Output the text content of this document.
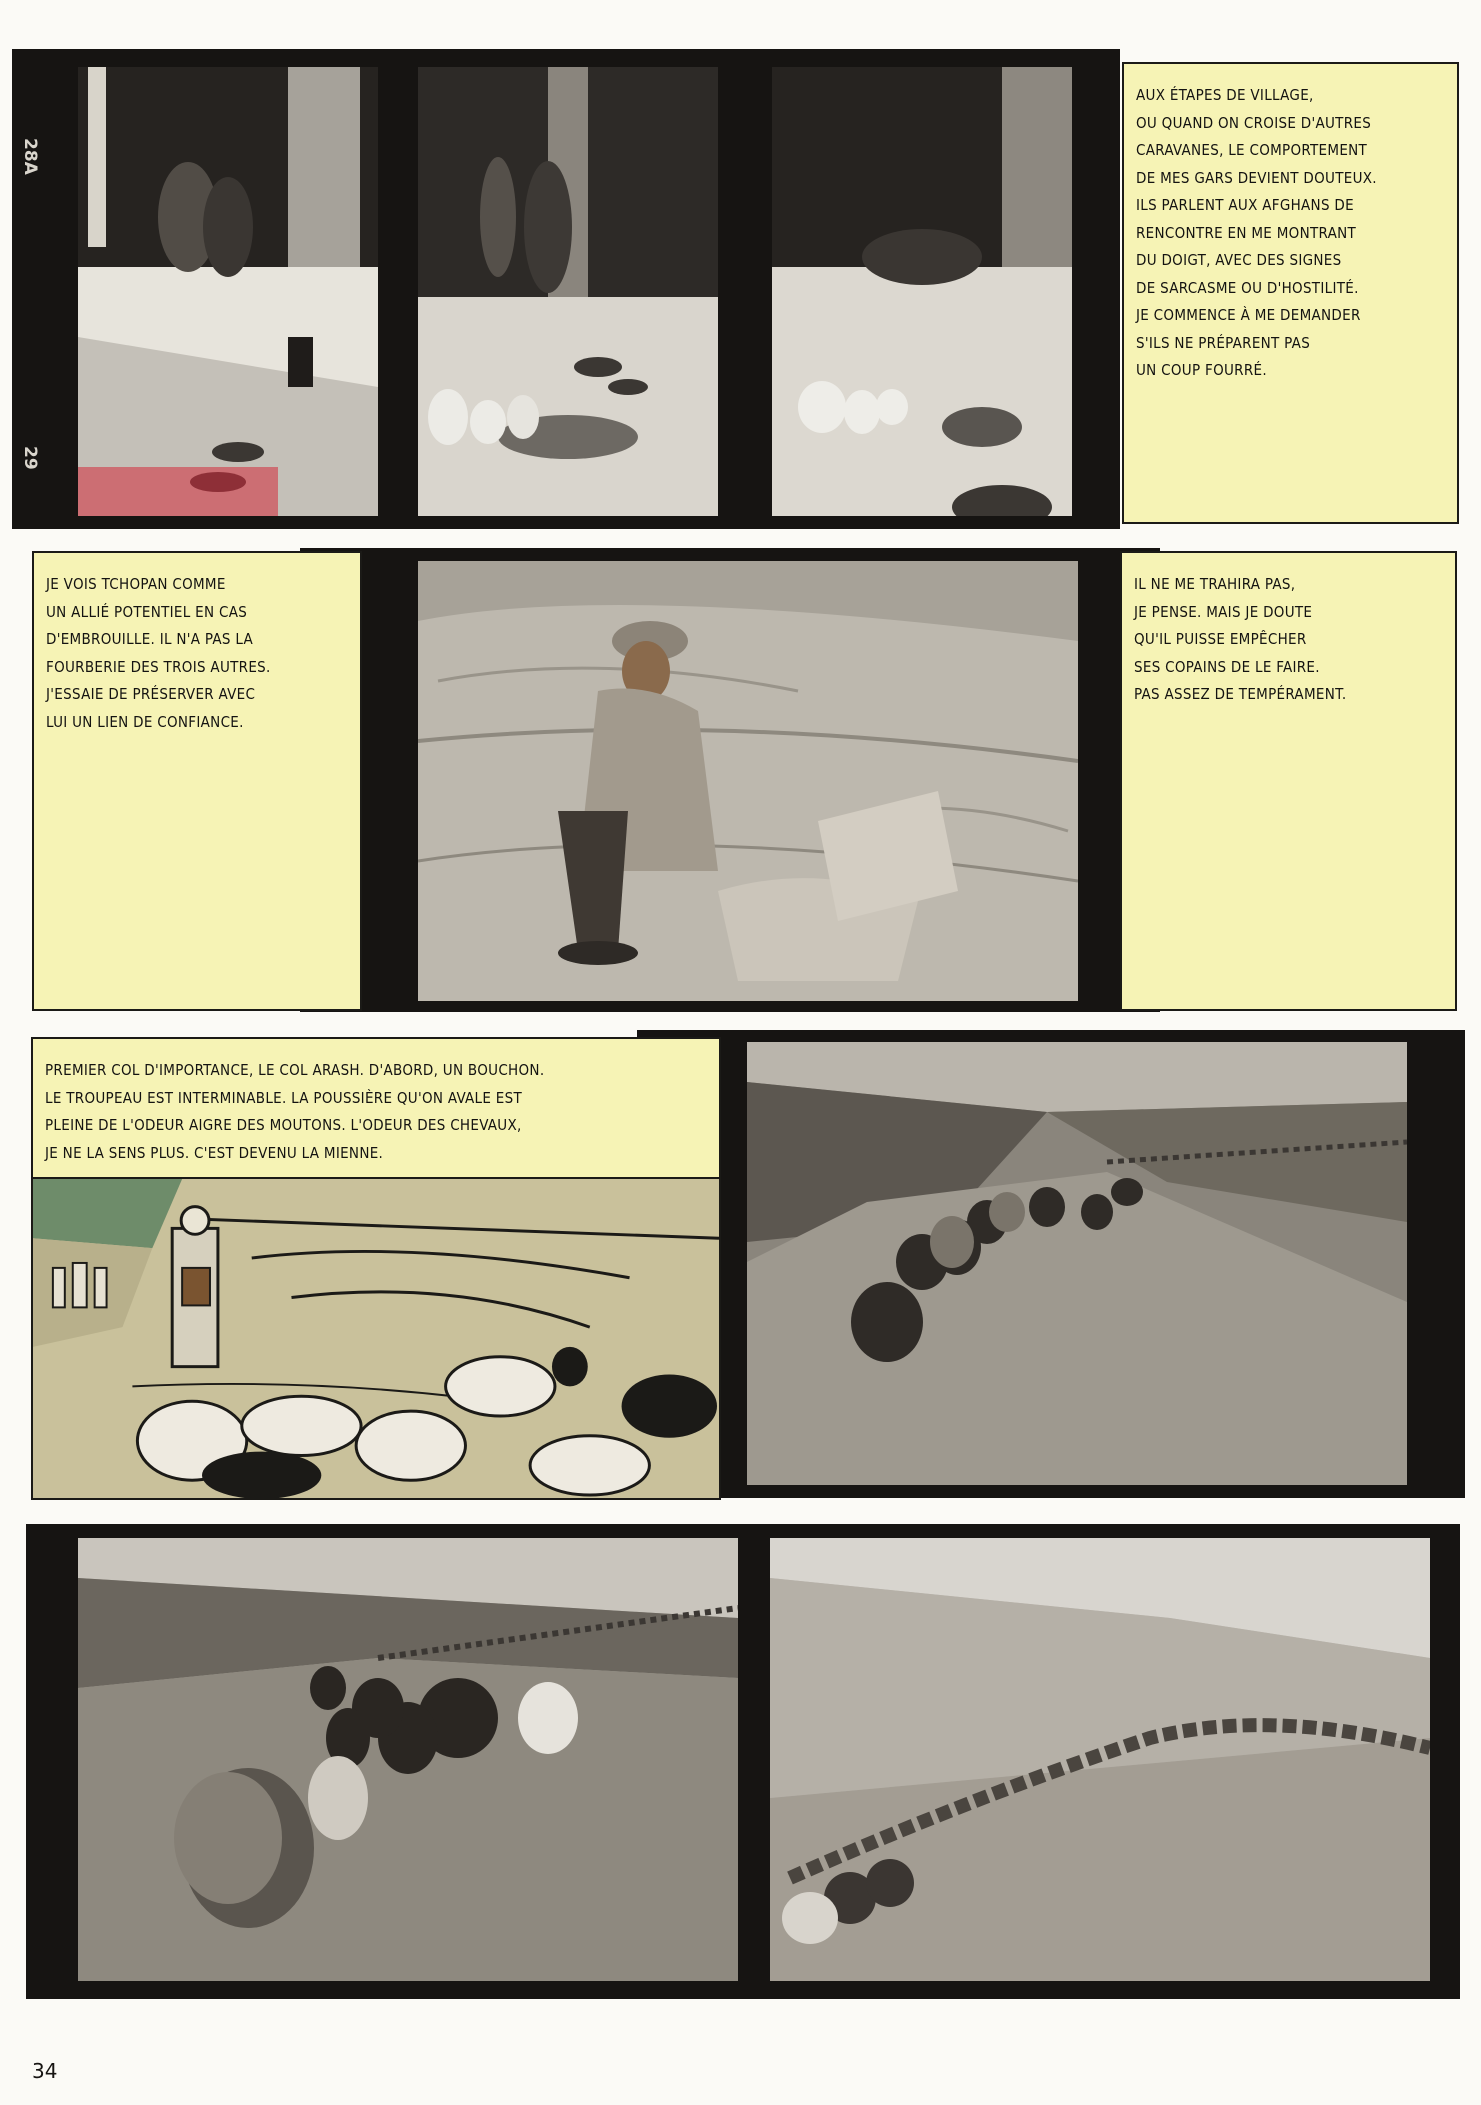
28A
29
AUX ÉTAPES DE VILLAGE,
OU QUAND ON CROISE D'AUTRES
CARAVANES, LE COMPORTEMENT
DE MES GARS DEVIENT DOUTEUX.
ILS PARLENT AUX AFGHANS DE
RENCONTRE EN ME MONTRANT
DU DOIGT, AVEC DES SIGNES
DE SARCASME OU D'HOSTILITÉ.
JE COMMENCE À ME DEMANDER
S'ILS NE PRÉPARENT PAS
UN COUP FOURRÉ.
JE VOIS TCHOPAN COMME
UN ALLIÉ POTENTIEL EN CAS
D'EMBROUILLE. IL N'A PAS LA
FOURBERIE DES TROIS AUTRES.
J'ESSAIE DE PRÉSERVER AVEC
LUI UN LIEN DE CONFIANCE.
IL NE ME TRAHIRA PAS,
JE PENSE. MAIS JE DOUTE
QU'IL PUISSE EMPÊCHER
SES COPAINS DE LE FAIRE.
PAS ASSEZ DE TEMPÉRAMENT.
PREMIER COL D'IMPORTANCE, LE COL ARASH. D'ABORD, UN BOUCHON.
LE TROUPEAU EST INTERMINABLE. LA POUSSIÈRE QU'ON AVALE EST
PLEINE DE L'ODEUR AIGRE DES MOUTONS. L'ODEUR DES CHEVAUX,
JE NE LA SENS PLUS. C'EST DEVENU LA MIENNE.
34
